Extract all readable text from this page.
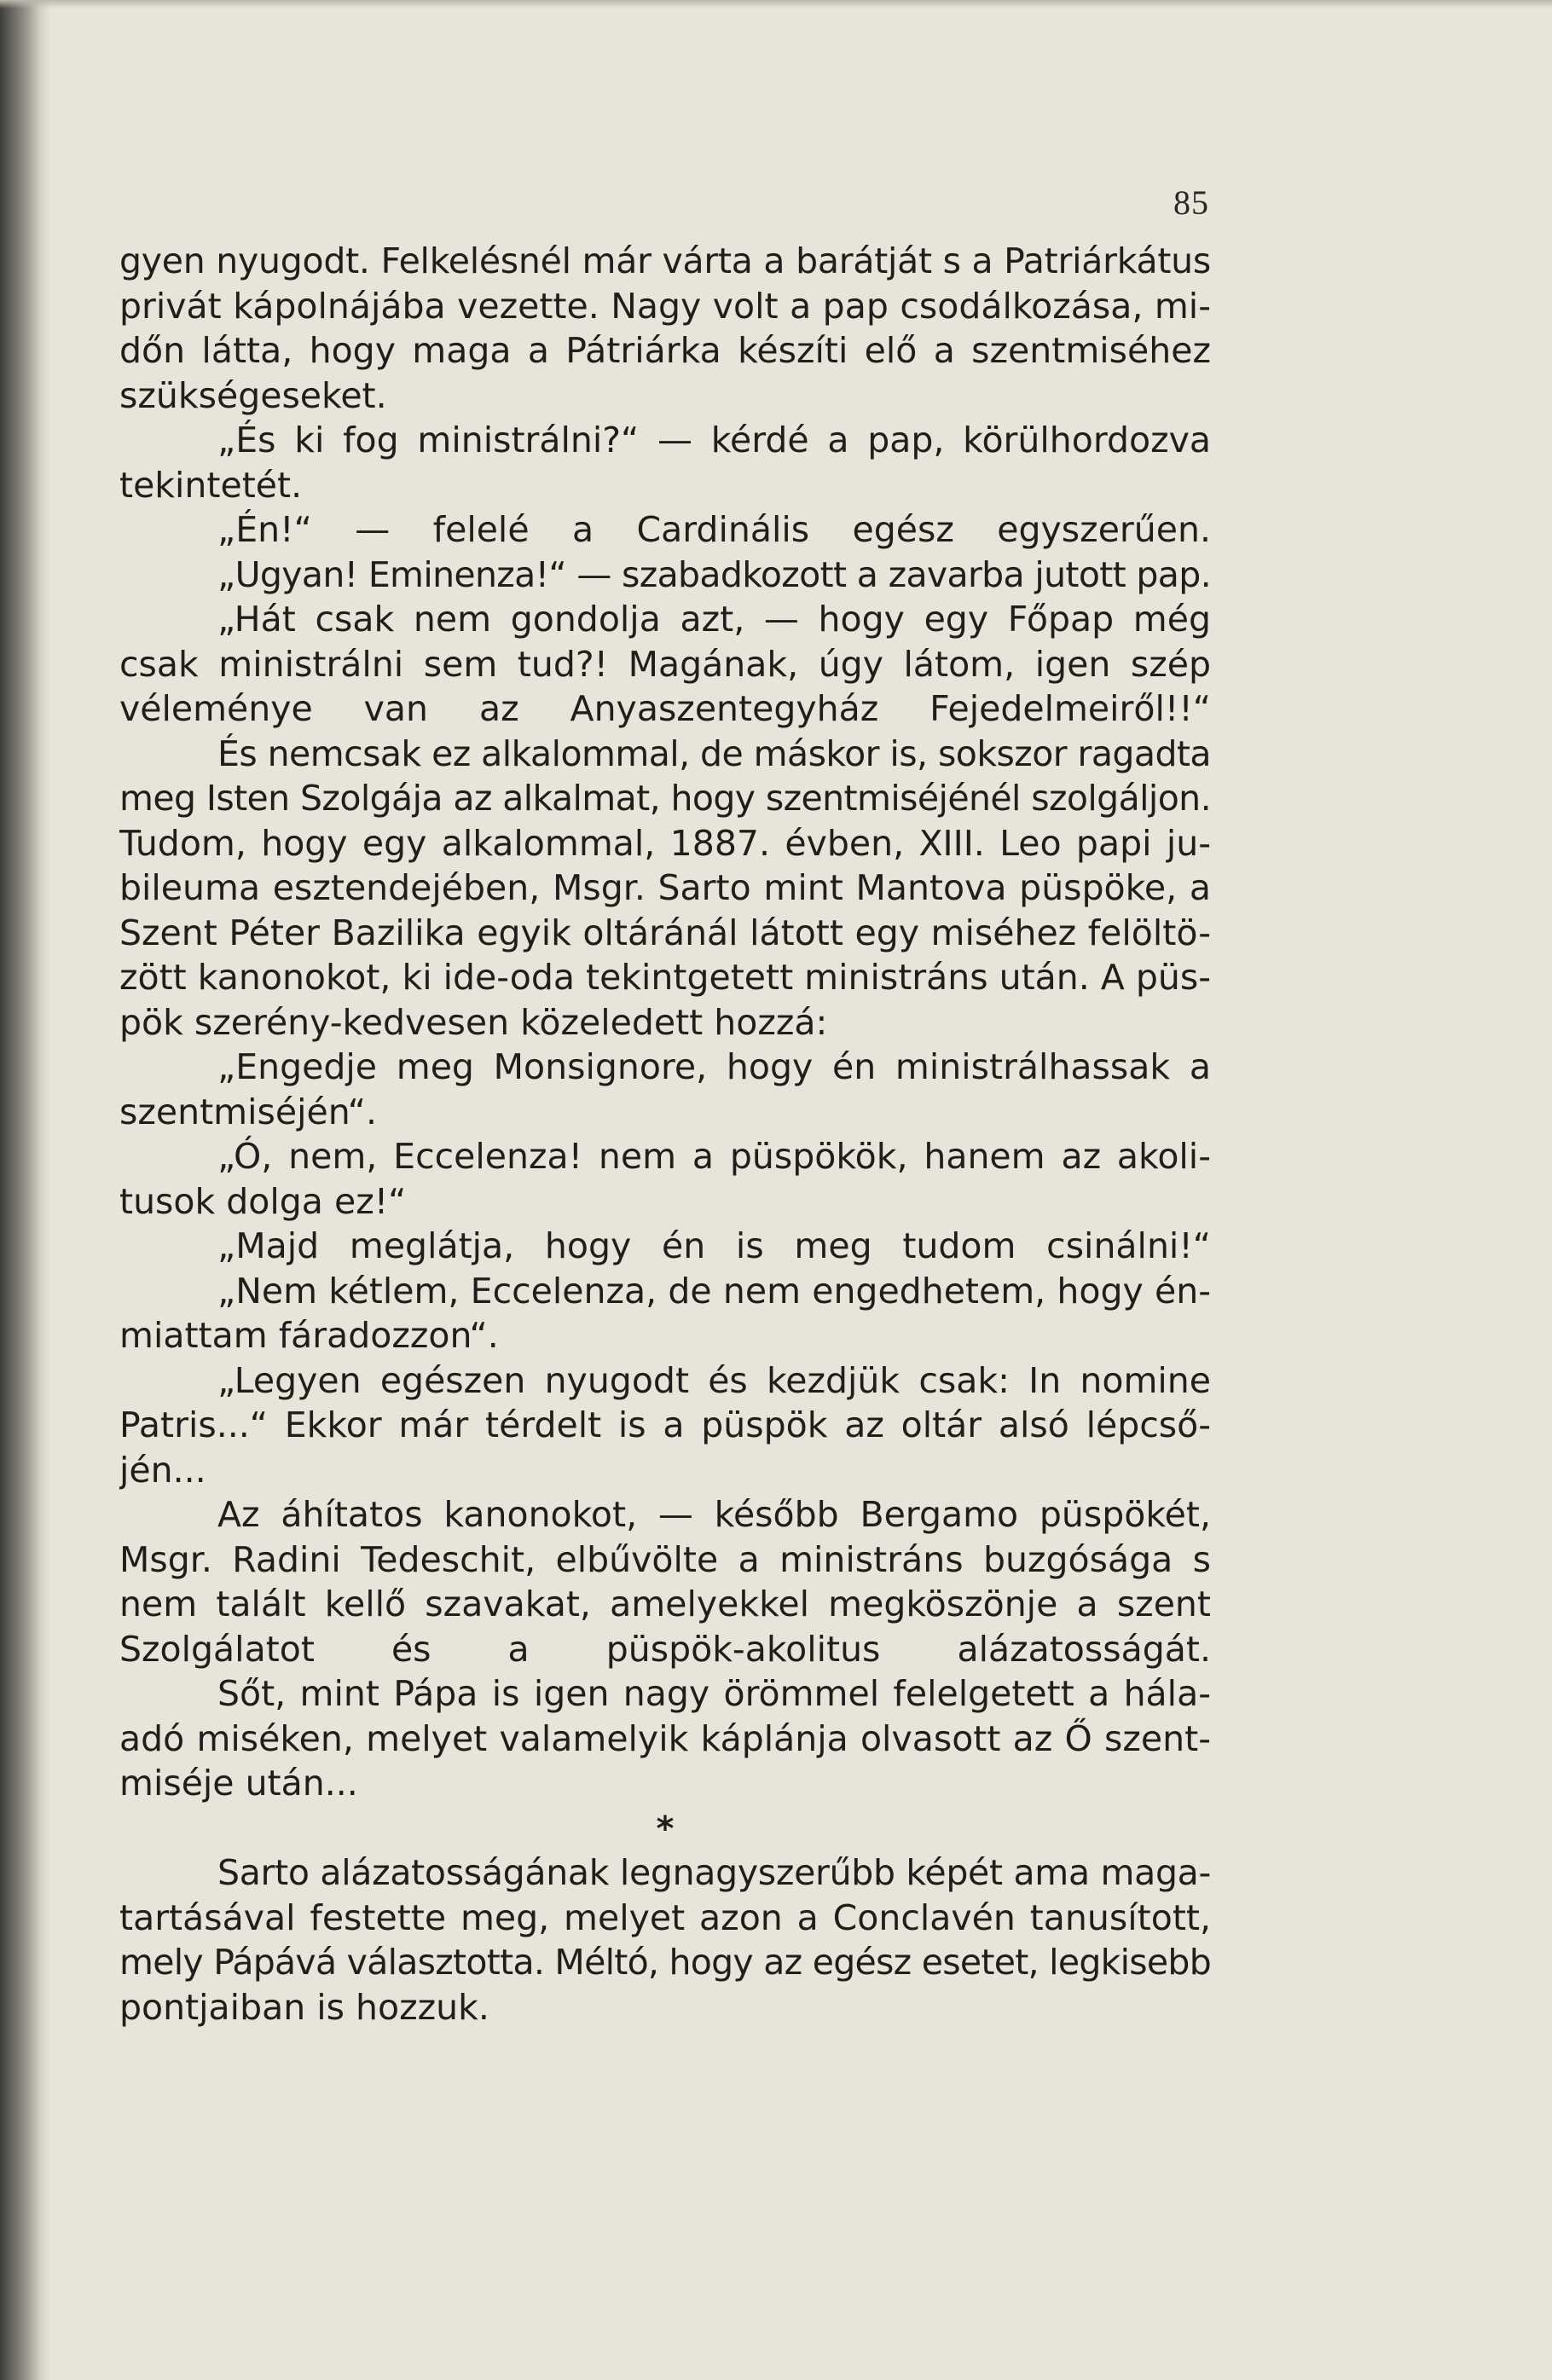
85
gyen nyugodt. Felkelésnél már várta a barátját s a Patriárkátus
privát kápolnájába vezette. Nagy volt a pap csodálkozása, mi-
dőn látta, hogy maga a Pátriárka készíti elő a szentmiséhez
szükségeseket.
„És ki fog ministrálni?“ — kérdé a pap, körülhordozva
tekintetét.
„Én!“ — felelé a Cardinális egész egyszerűen.
„Ugyan! Eminenza!“ — szabadkozott a zavarba jutott pap.
„Hát csak nem gondolja azt, — hogy egy Főpap még
csak ministrálni sem tud?! Magának, úgy látom, igen szép
véleménye van az Anyaszentegyház Fejedelmeiről!!“
És nemcsak ez alkalommal, de máskor is, sokszor ragadta
meg Isten Szolgája az alkalmat, hogy szentmiséjénél szolgáljon.
Tudom, hogy egy alkalommal, 1887. évben, XIII. Leo papi ju-
bileuma esztendejében, Msgr. Sarto mint Mantova püspöke, a
Szent Péter Bazilika egyik oltáránál látott egy miséhez felöltö-
zött kanonokot, ki ide-oda tekintgetett ministráns után. A püs-
pök szerény-kedvesen közeledett hozzá:
„Engedje meg Monsignore, hogy én ministrálhassak a
szentmiséjén“.
„Ó, nem, Eccelenza! nem a püspökök, hanem az akoli-
tusok dolga ez!“
„Majd meglátja, hogy én is meg tudom csinálni!“
„Nem kétlem, Eccelenza, de nem engedhetem, hogy én-
miattam fáradozzon“.
„Legyen egészen nyugodt és kezdjük csak: In nomine
Patris...“ Ekkor már térdelt is a püspök az oltár alsó lépcső-
jén...
Az áhítatos kanonokot, — később Bergamo püspökét,
Msgr. Radini Tedeschit, elbűvölte a ministráns buzgósága s
nem talált kellő szavakat, amelyekkel megköszönje a szent
Szolgálatot és a püspök-akolitus alázatosságát.
Sőt, mint Pápa is igen nagy örömmel felelgetett a hála-
adó miséken, melyet valamelyik káplánja olvasott az Ő szent-
miséje után...
*
Sarto alázatosságának legnagyszerűbb képét ama maga-
tartásával festette meg, melyet azon a Conclavén tanusított,
mely Pápává választotta. Méltó, hogy az egész esetet, legkisebb
pontjaiban is hozzuk.
